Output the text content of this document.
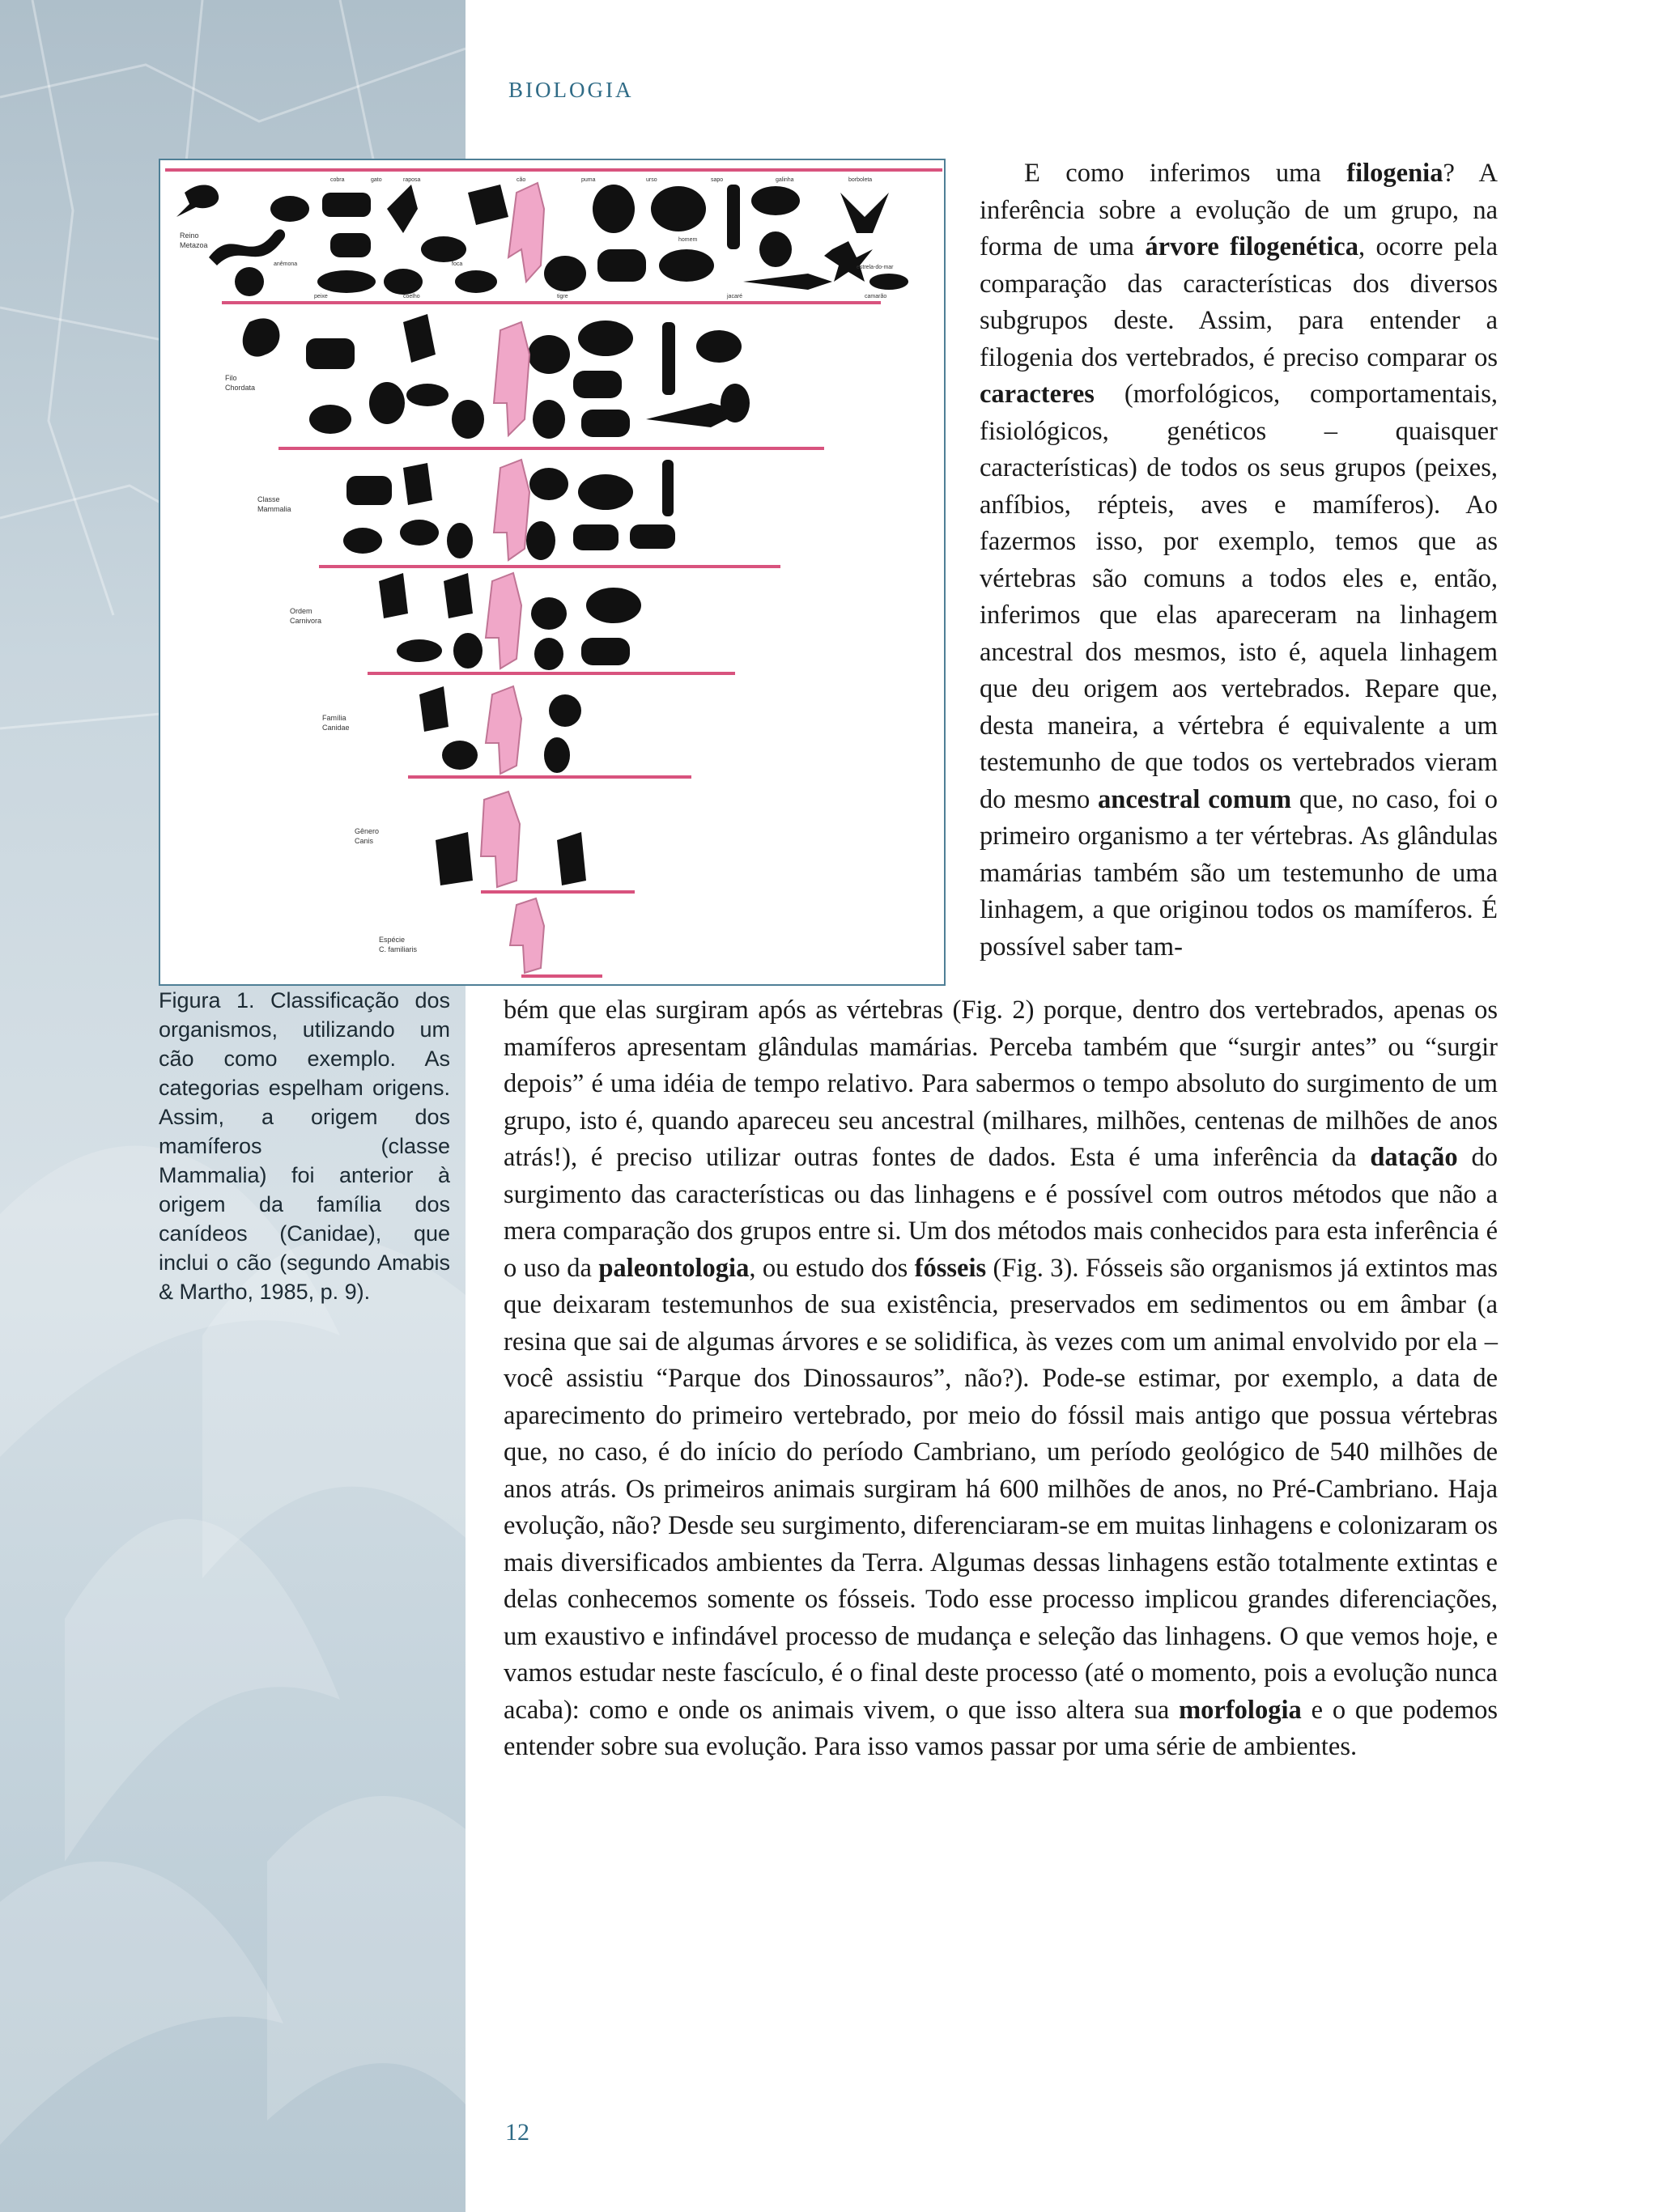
BIOLOGIA
Reino
Metazoa
Filo
Chordata
Classe
Mammalia
Ordem
Carnivora
Família
Canidae
Gênero
Canis
Espécie
C. familiaris
cobra	gato	raposa	cão	puma	urso	sapo	galinha	borboleta
anêmona
peixe	coelho
foca
tigre
homem
jacaré	camarão
estrela-do-mar
Figura 1. Classificação dos organismos, utilizando um cão como exemplo. As categorias espelham origens. Assim, a origem dos mamíferos (classe Mammalia) foi anterior à origem da família dos canídeos (Canidae), que inclui o cão (segundo Amabis & Martho, 1985, p. 9).

E como inferimos uma filogenia? A inferência sobre a evolução de um grupo, na forma de uma árvore filogenética, ocorre pela comparação das características dos diversos subgrupos deste. Assim, para entender a filogenia dos vertebrados, é preciso comparar os caracteres (morfológicos, comportamentais, fisiológicos, genéticos – quaisquer características) de todos os seus grupos (peixes, anfíbios, répteis, aves e mamíferos). Ao fazermos isso, por exemplo, temos que as vértebras são comuns a todos eles e, então, inferimos que elas apareceram na linhagem ancestral dos mesmos, isto é, aquela linhagem que deu origem aos vertebrados. Repare que, desta maneira, a vértebra é equivalente a um testemunho de que todos os vertebrados vieram do mesmo ancestral comum que, no caso, foi o primeiro organismo a ter vértebras. As glândulas mamárias também são um testemunho de uma linhagem, a que originou todos os mamíferos. É possível saber tam-

bém que elas surgiram após as vértebras (Fig. 2) porque, dentro dos vertebrados, apenas os mamíferos apresentam glândulas mamárias. Perceba também que “surgir antes” ou “surgir depois” é uma idéia de tempo relativo. Para sabermos o tempo absoluto do surgimento de um grupo, isto é, quando apareceu seu ancestral (milhares, milhões, centenas de milhões de anos atrás!), é preciso utilizar outras fontes de dados. Esta é uma inferência da datação do surgimento das características ou das linhagens e é possível com outros métodos que não a mera comparação dos grupos entre si. Um dos métodos mais conhecidos para esta inferência é o uso da paleontologia, ou estudo dos fósseis (Fig. 3). Fósseis são organismos já extintos mas que deixaram testemunhos de sua existência, preservados em sedimentos ou em âmbar (a resina que sai de algumas árvores e se solidifica, às vezes com um animal envolvido por ela – você assistiu “Parque dos Dinossauros”, não?). Pode-se estimar, por exemplo, a data de aparecimento do primeiro vertebrado, por meio do fóssil mais antigo que possua vértebras que, no caso, é do início do período Cambriano, um período geológico de 540 milhões de anos atrás. Os primeiros animais surgiram há 600 milhões de anos, no Pré-Cambriano. Haja evolução, não? Desde seu surgimento, diferenciaram-se em muitas linhagens e colonizaram os mais diversificados ambientes da Terra. Algumas dessas linhagens estão totalmente extintas e delas conhecemos somente os fósseis. Todo esse processo implicou grandes diferenciações, um exaustivo e infindável processo de mudança e seleção das linhagens. O que vemos hoje, e vamos estudar neste fascículo, é o final deste processo (até o momento, pois a evolução nunca acaba): como e onde os animais vivem, o que isso altera sua morfologia e o que podemos entender sobre sua evolução. Para isso vamos passar por uma série de ambientes.

12
